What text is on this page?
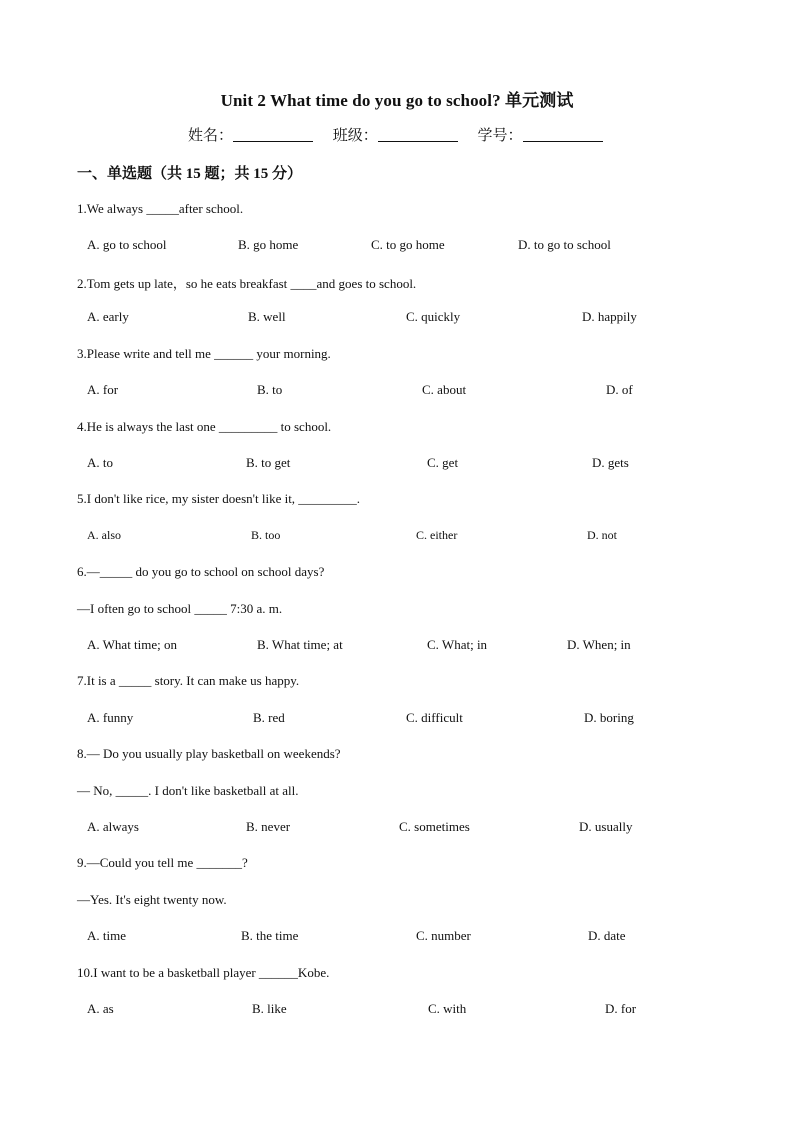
Unit 2 What time do you go to school? 单元测试
姓名：	班级：	学号：
一、单选题（共 15 题；共 15 分）
1.We always _____after school.
A. go to school	B. go home	C. to go home	D. to go to school
2.Tom gets up late，so he eats breakfast ____and goes to school.
A. early	B. well	C. quickly	D. happily
3.Please write and tell me ______ your morning.
A. for	B. to	C. about	D. of
4.He is always the last one _________ to school.
A. to	B. to get	C. get	D. gets
5.I don't like rice, my sister doesn't like it, _________.
A. also	B. too	C. either	D. not
6.—_____ do you go to school on school days?
—I often go to school _____ 7:30 a. m.
A. What time; on	B. What time; at	C. What; in	D. When; in
7.It is a _____ story. It can make us happy.
A. funny	B. red	C. difficult	D. boring
8.— Do you usually play basketball on weekends?
— No, _____. I don't like basketball at all.
A. always	B. never	C. sometimes	D. usually
9.—Could you tell me _______?
—Yes. It's eight twenty now.
A. time	B. the time	C. number	D. date
10.I want to be a basketball player ______Kobe.
A. as	B. like	C. with	D. for
